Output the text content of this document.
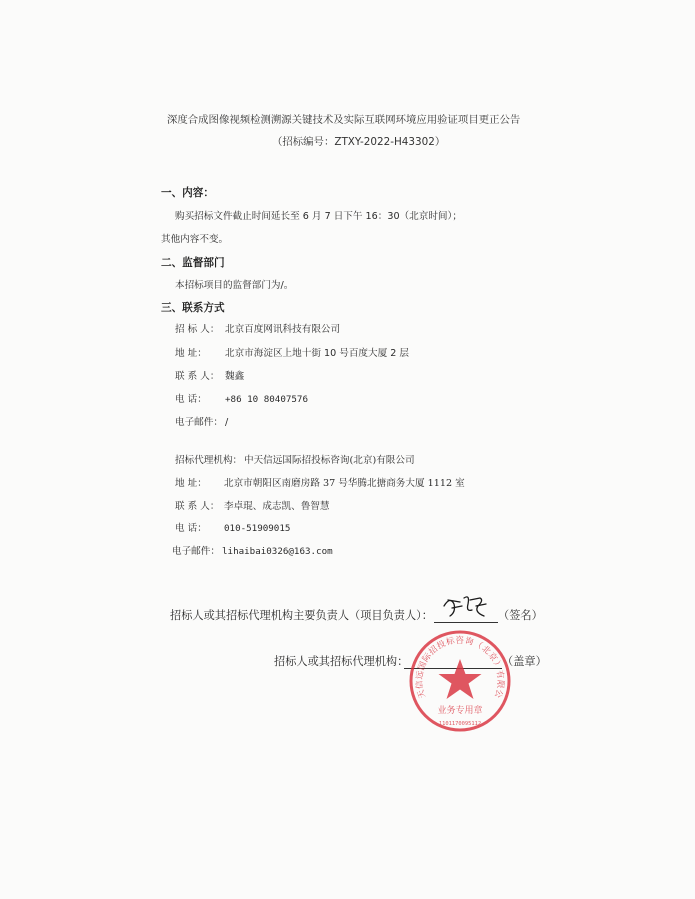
深度合成图像视频检测溯源关键技术及实际互联网环境应用验证项目更正公告
（招标编号：ZTXY-2022-H43302）
一、内容：
购买招标文件截止时间延长至 6 月 7 日下午 16：30（北京时间）；
其他内容不变。
二、监督部门
本招标项目的监督部门为/。
三、联系方式
招 标 人： 北京百度网讯科技有限公司
地 址： 北京市海淀区上地十街 10 号百度大厦 2 层
联 系 人： 魏鑫
电 话： +86 10 80407576
电子邮件： /
招标代理机构： 中天信远国际招投标咨询(北京)有限公司
地 址： 北京市朝阳区南磨房路 37 号华腾北搪商务大厦 1112 室
联 系 人： 李卓琨、成志凯、鲁智慧
电 话： 010-51909015
电子邮件： lihaibai0326@163.com
招标人或其招标代理机构主要负责人（项目负责人）：	（签名）
招标人或其招标代理机构：	（盖章）
中天信远国际招投标咨询（北京）有限公司
业务专用章
1101170095112
